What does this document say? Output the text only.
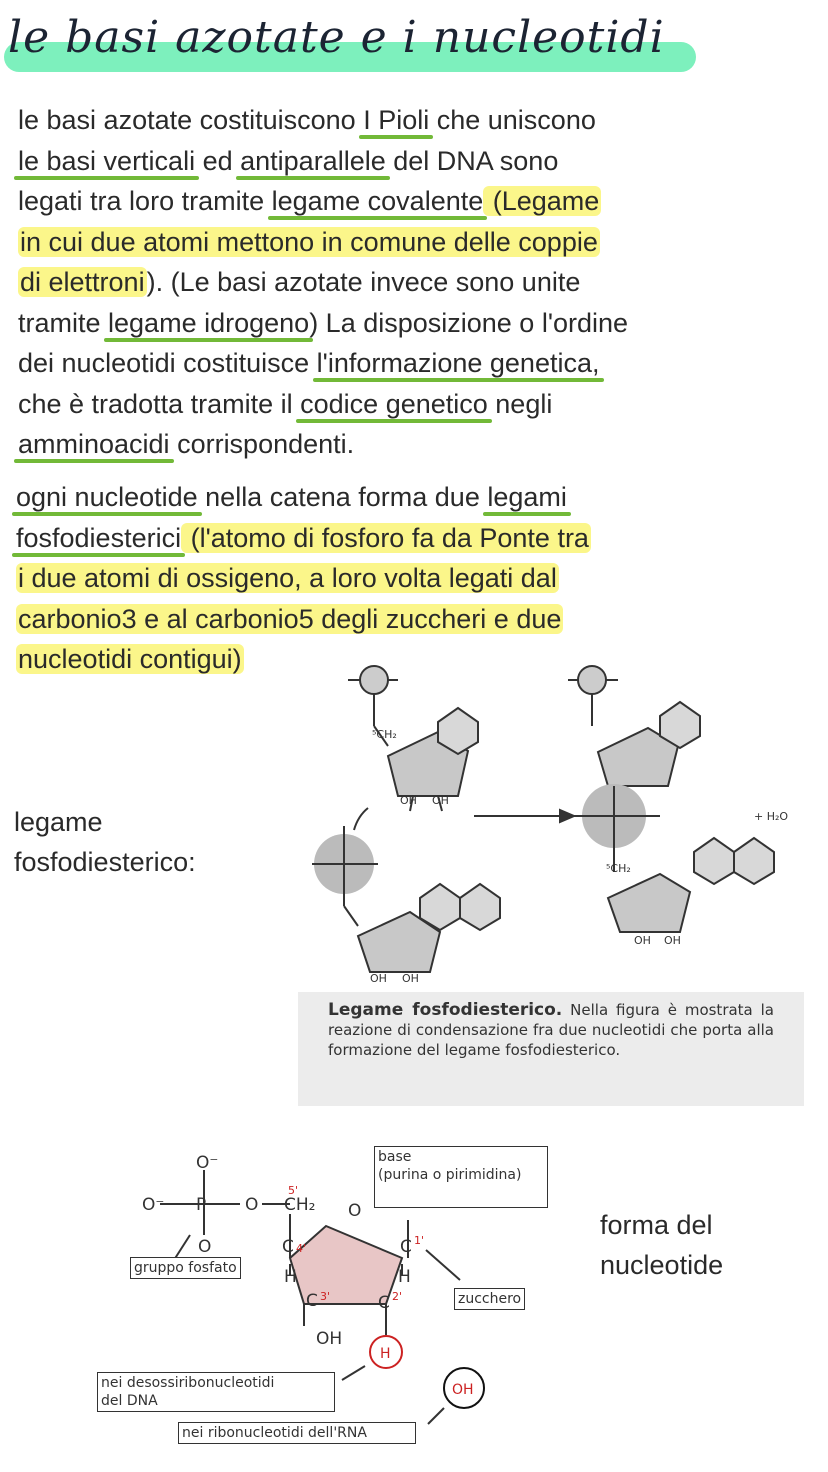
le basi azotate e i nucleotidi
le basi azotate costituiscono I Pioli che uniscono
le basi verticali ed antiparallele del DNA sono
legati tra loro tramite legame covalente (Legame
in cui due atomi mettono in comune delle coppie
di elettroni). (Le basi azotate invece sono unite
tramite legame idrogeno) La disposizione o l'ordine
dei nucleotidi costituisce l'informazione genetica,
che è tradotta tramite il codice genetico negli
amminoacidi corrispondenti.
ogni nucleotide nella catena forma due legami
fosfodiesterici (l'atomo di fosforo fa da Ponte tra
i due atomi di ossigeno, a loro volta legati dal
carbonio3 e al carbonio5 degli zuccheri e due
nucleotidi contigui)
legame
fosfodiesterico:
OH OH
⁵CH₂
OH OH
OH OH
+ H₂O
⁵CH₂

Legame fosfodiesterico. Nella figura è mostrata la reazione di condensazione fra due nucleotidi che porta alla formazione del legame fosfodiesterico.

forma del
nucleotide
O⁻
O⁻ P O
O
CH₂ O
C	C
H	H
C	C
OH
H
OH
5'
4'
3'	2'
1'
base
(purina o pirimidina)
gruppo fosfato
zucchero
nei desossiribonucleotidi
del DNA
nei ribonucleotidi dell'RNA
